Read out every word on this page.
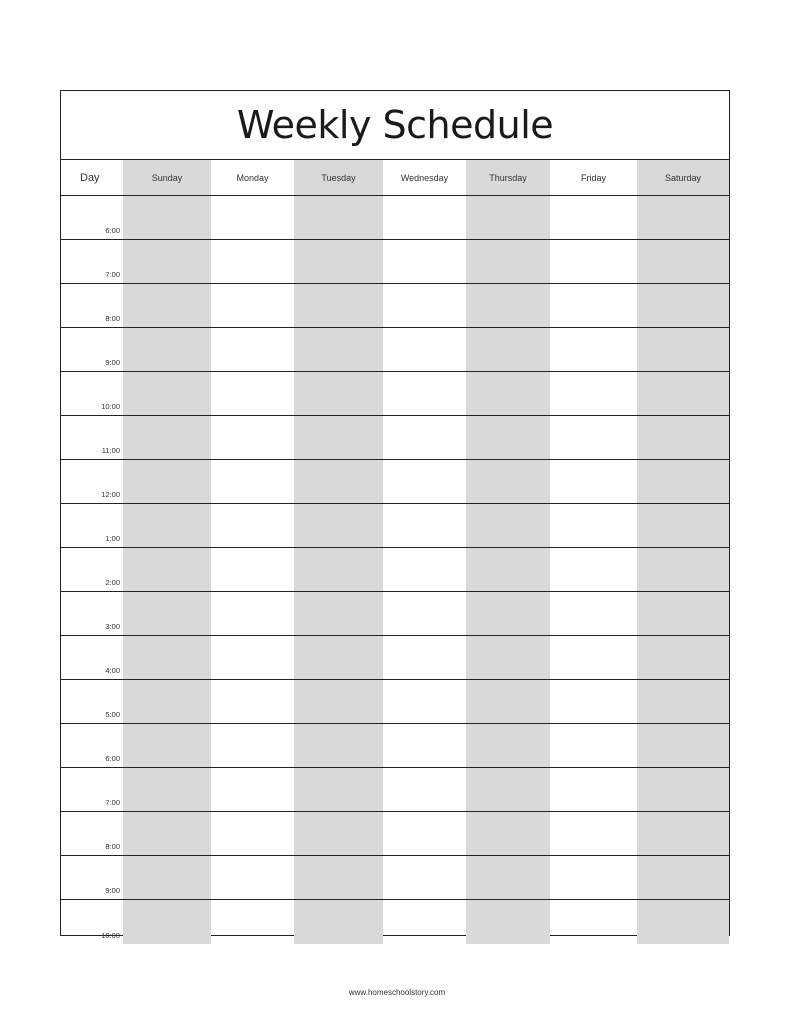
Weekly Schedule
Day	Sunday	Monday	Tuesday	Wednesday	Thursday	Friday	Saturday
6:00
7:00
8:00
9:00
10:00
11:00
12:00
1:00
2:00
3:00
4:00
5:00
6:00
7:00
8:00
9:00
10:00
www.homeschoolstory.com
